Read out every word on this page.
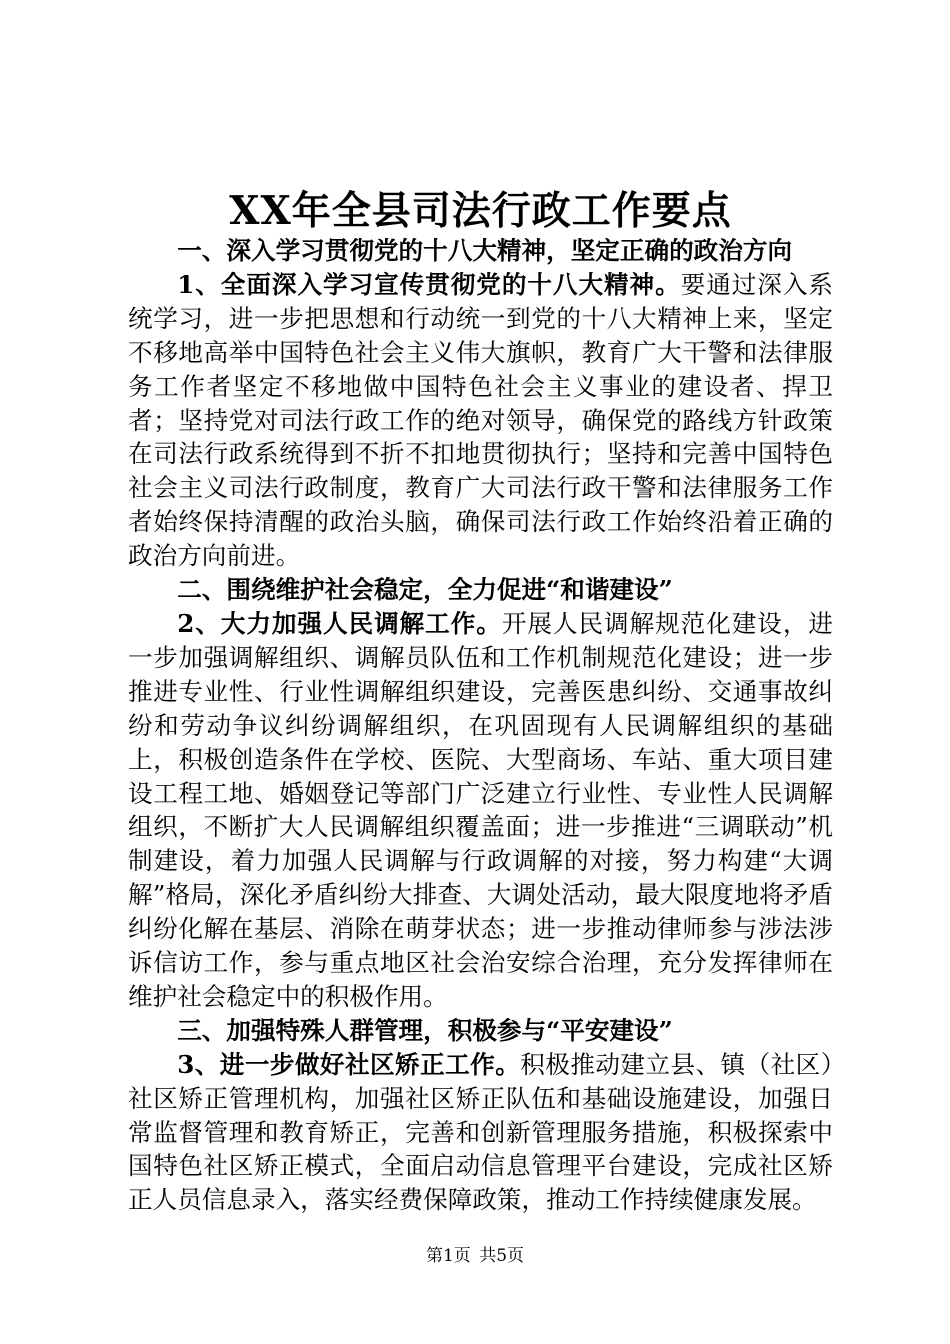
XX年全县司法行政工作要点

一、深入学习贯彻党的十八大精神，坚定正确的政治方向

1、全面深入学习宣传贯彻党的十八大精神。要通过深入系统学习，进一步把思想和行动统一到党的十八大精神上来，坚定不移地高举中国特色社会主义伟大旗帜，教育广大干警和法律服务工作者坚定不移地做中国特色社会主义事业的建设者、捍卫者；坚持党对司法行政工作的绝对领导，确保党的路线方针政策在司法行政系统得到不折不扣地贯彻执行；坚持和完善中国特色社会主义司法行政制度，教育广大司法行政干警和法律服务工作者始终保持清醒的政治头脑，确保司法行政工作始终沿着正确的政治方向前进。

二、围绕维护社会稳定，全力促进“和谐建设”

2、大力加强人民调解工作。开展人民调解规范化建设，进一步加强调解组织、调解员队伍和工作机制规范化建设；进一步推进专业性、行业性调解组织建设，完善医患纠纷、交通事故纠纷和劳动争议纠纷调解组织，在巩固现有人民调解组织的基础上，积极创造条件在学校、医院、大型商场、车站、重大项目建设工程工地、婚姻登记等部门广泛建立行业性、专业性人民调解组织，不断扩大人民调解组织覆盖面；进一步推进“三调联动”机制建设，着力加强人民调解与行政调解的对接，努力构建“大调解”格局，深化矛盾纠纷大排查、大调处活动，最大限度地将矛盾纠纷化解在基层、消除在萌芽状态；进一步推动律师参与涉法涉诉信访工作，参与重点地区社会治安综合治理，充分发挥律师在维护社会稳定中的积极作用。

三、加强特殊人群管理，积极参与“平安建设”

3、进一步做好社区矫正工作。积极推动建立县、镇（社区）社区矫正管理机构，加强社区矫正队伍和基础设施建设，加强日常监督管理和教育矫正，完善和创新管理服务措施，积极探索中国特色社区矫正模式，全面启动信息管理平台建设，完成社区矫正人员信息录入，落实经费保障政策，推动工作持续健康发展。

第1页 共5页
